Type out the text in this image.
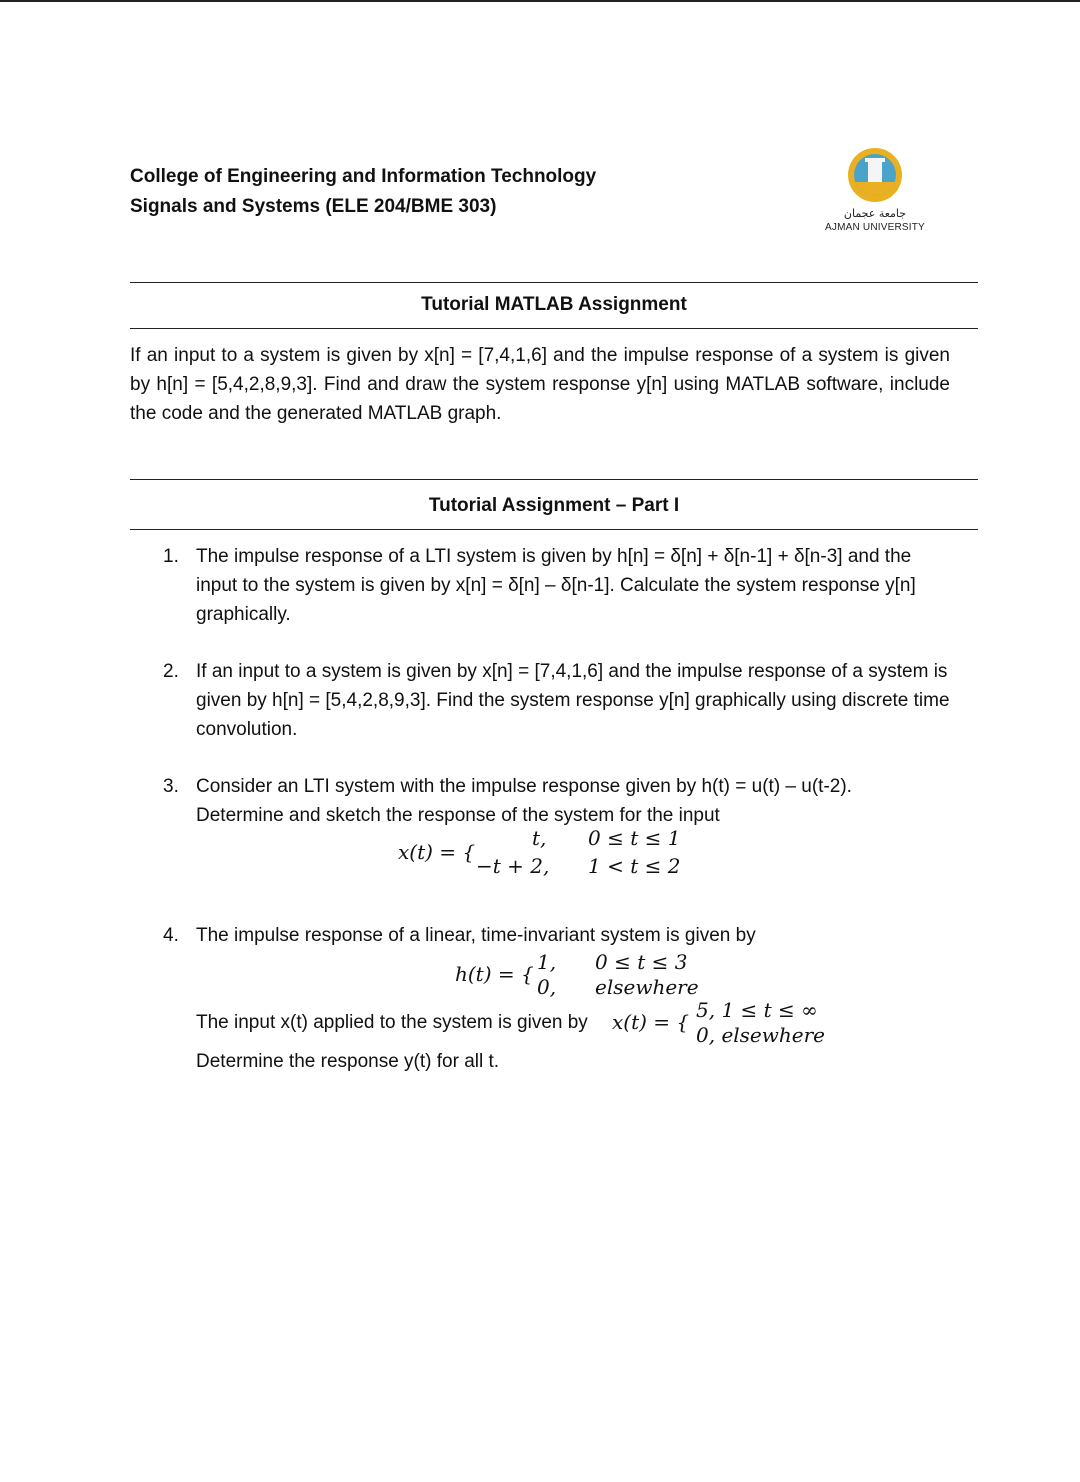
College of Engineering and Information Technology
Signals and Systems (ELE 204/BME 303)	جامعة عجمان
AJMAN UNIVERSITY
Tutorial MATLAB Assignment

If an input to a system is given by x[n] = [7,4,1,6] and the impulse response of a system is given by h[n] = [5,4,2,8,9,3]. Find and draw the system response y[n] using MATLAB software, include the code and the generated MATLAB graph.

Tutorial Assignment – Part I
1. The impulse response of a LTI system is given by h[n] = δ[n] + δ[n-1] + δ[n-3] and the input to the system is given by x[n] = δ[n] – δ[n-1]. Calculate the system response y[n] graphically.
2. If an input to a system is given by x[n] = [7,4,1,6] and the impulse response of a system is given by h[n] = [5,4,2,8,9,3]. Find the system response y[n] graphically using discrete time convolution.
3. Consider an LTI system with the impulse response given by h(t) = u(t) – u(t-2).
Determine and sketch the response of the system for the input
x(t) = {
t, 0 ≤ t ≤ 1
−t + 2, 1 < t ≤ 2
4. The impulse response of a linear, time-invariant system is given by
h(t) = { 1, 0 ≤ t ≤ 3
0, elsewhere
The input x(t) applied to the system is given by	x(t) = { 5, 1 ≤ t ≤ ∞
0, elsewhere
Determine the response y(t) for all t.
